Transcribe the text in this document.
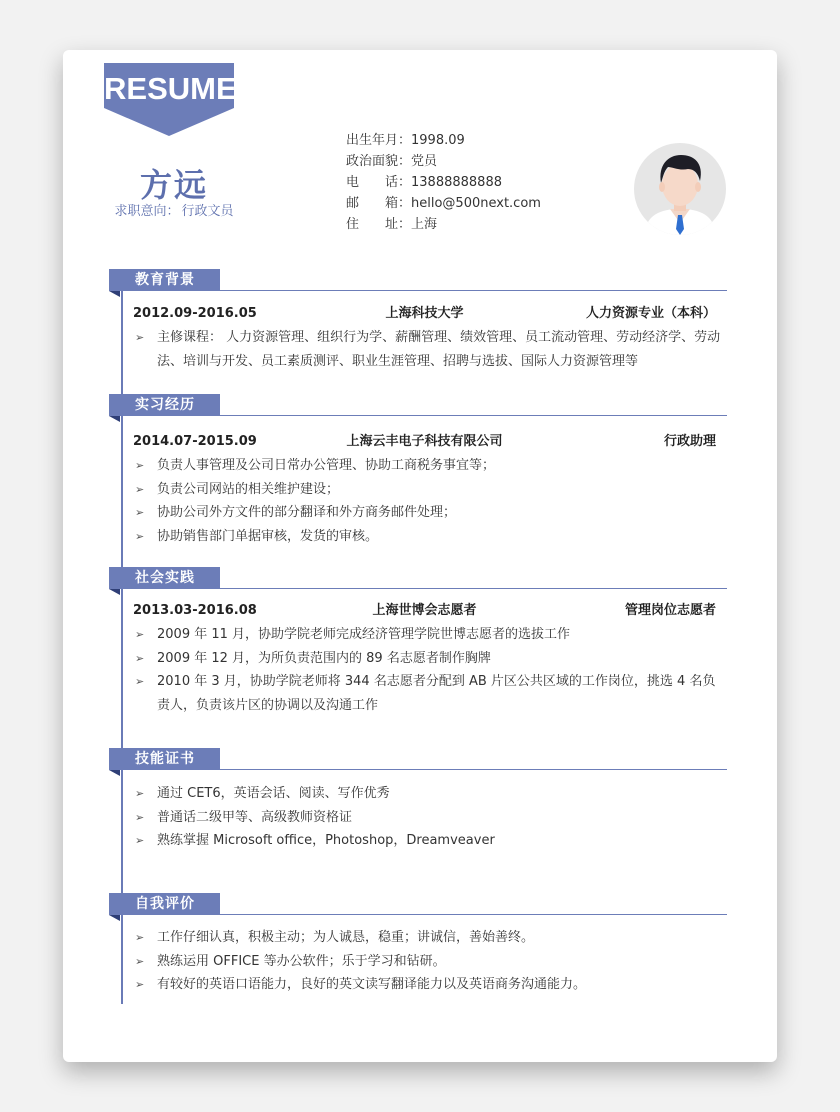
RESUME
方远
求职意向： 行政文员
出生年月：1998.09
政治面貌：党员
电　　话：13888888888
邮　　箱：hello@500next.com
住　　址：上海
教育背景
2012.09-2016.05	上海科技大学	人力资源专业（本科）
➢ 主修课程： 人力资源管理、组织行为学、薪酬管理、绩效管理、员工流动管理、劳动经济学、劳动法、培训与开发、员工素质测评、职业生涯管理、招聘与选拔、国际人力资源管理等
实习经历
2014.07-2015.09	上海云丰电子科技有限公司	行政助理
➢ 负责人事管理及公司日常办公管理、协助工商税务事宜等；
➢ 负责公司网站的相关维护建设；
➢ 协助公司外方文件的部分翻译和外方商务邮件处理；
➢ 协助销售部门单据审核，发货的审核。
社会实践
2013.03-2016.08	上海世博会志愿者	管理岗位志愿者
➢ 2009 年 11 月，协助学院老师完成经济管理学院世博志愿者的选拔工作
➢ 2009 年 12 月，为所负责范围内的 89 名志愿者制作胸牌
➢ 2010 年 3 月，协助学院老师将 344 名志愿者分配到 AB 片区公共区域的工作岗位，挑选 4 名负责人，负责该片区的协调以及沟通工作
技能证书
➢ 通过 CET6，英语会话、阅读、写作优秀
➢ 普通话二级甲等、高级教师资格证
➢ 熟练掌握 Microsoft office，Photoshop，Dreamveaver
自我评价
➢ 工作仔细认真，积极主动；为人诚恳，稳重；讲诚信，善始善终。
➢ 熟练运用 OFFICE 等办公软件；乐于学习和钻研。
➢ 有较好的英语口语能力，良好的英文读写翻译能力以及英语商务沟通能力。
